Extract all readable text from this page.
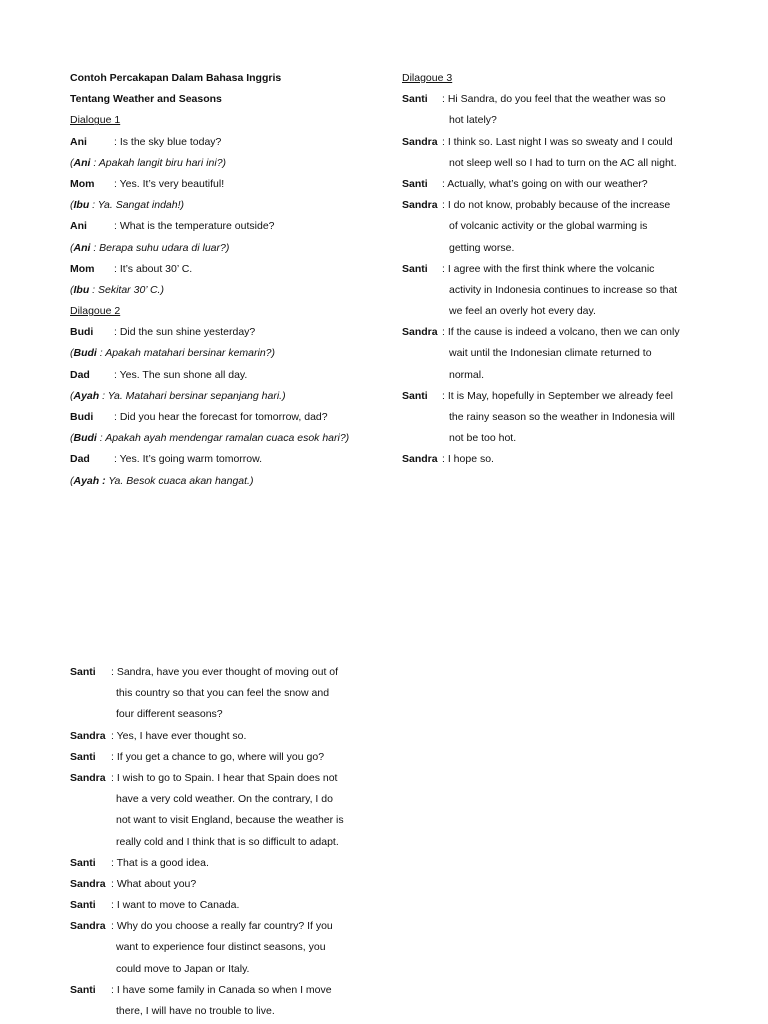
Contoh Percakapan Dalam Bahasa Inggris
Tentang Weather and Seasons
Dialogue 1
Ani	: Is the sky blue today?
(Ani : Apakah langit biru hari ini?)
Mom : Yes. It’s very beautiful!
(Ibu : Ya. Sangat indah!)
Ani	: What is the temperature outside?
(Ani : Berapa suhu udara di luar?)
Mom : It’s about 30’ C.
(Ibu : Sekitar 30’ C.)
Dilagoue 2
Budi : Did the sun shine yesterday?
(Budi : Apakah matahari bersinar kemarin?)
Dad : Yes. The sun shone all day.
(Ayah : Ya. Matahari bersinar sepanjang hari.)
Budi : Did you hear the forecast for tomorrow, dad?
(Budi : Apakah ayah mendengar ramalan cuaca esok hari?)
Dad : Yes. It’s going warm tomorrow.
(Ayah : Ya. Besok cuaca akan hangat.)
Dilagoue 3
Santi : Hi Sandra, do you feel that the weather was so
hot lately?
Sandra : I think so. Last night I was so sweaty and I could
not sleep well so I had to turn on the AC all night.
Santi : Actually, what’s going on with our weather?
Sandra : I do not know, probably because of the increase
of volcanic activity or the global warming is
getting worse.
Santi : I agree with the first think where the volcanic
activity in Indonesia continues to increase so that
we feel an overly hot every day.
Sandra : If the cause is indeed a volcano, then we can only
wait until the Indonesian climate returned to
normal.
Santi : It is May, hopefully in September we already feel
the rainy season so the weather in Indonesia will
not be too hot.
Sandra : I hope so.
Santi : Sandra, have you ever thought of moving out of
this country so that you can feel the snow and
four different seasons?
Sandra : Yes, I have ever thought so.
Santi : If you get a chance to go, where will you go?
Sandra : I wish to go to Spain. I hear that Spain does not
have a very cold weather. On the contrary, I do
not want to visit England, because the weather is
really cold and I think that is so difficult to adapt.
Santi : That is a good idea.
Sandra : What about you?
Santi : I want to move to Canada.
Sandra : Why do you choose a really far country? If you
want to experience four distinct seasons, you
could move to Japan or Italy.
Santi : I have some family in Canada so when I move
there, I will have no trouble to live.
